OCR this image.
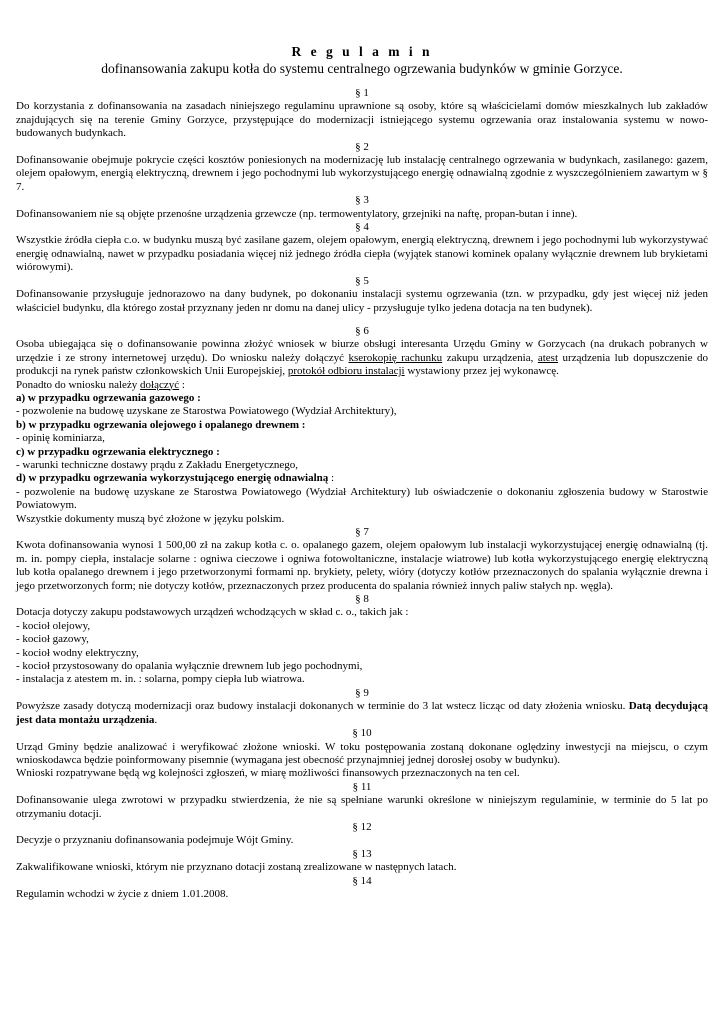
R e g u l a m i n
dofinansowania zakupu kotła do systemu centralnego ogrzewania budynków w gminie Gorzyce.
§ 1

Do korzystania z dofinansowania na zasadach niniejszego regulaminu uprawnione są osoby, które są właścicielami domów mieszkalnych lub zakładów znajdujących się na terenie Gminy Gorzyce, przystępujące do modernizacji istniejącego systemu ogrzewania oraz instalowania systemu w nowo-budowanych budynkach.

§ 2

Dofinansowanie obejmuje pokrycie części kosztów poniesionych na modernizację lub instalację centralnego ogrzewania w budynkach, zasilanego: gazem, olejem opałowym, energią elektryczną, drewnem i jego pochodnymi lub wykorzystującego energię odnawialną zgodnie z wyszczególnieniem zawartym w § 7.

§ 3

Dofinansowaniem nie są objęte przenośne urządzenia grzewcze (np. termowentylatory, grzejniki na naftę, propan-butan i inne).

§ 4

Wszystkie źródła ciepła c.o. w budynku muszą być zasilane gazem, olejem opałowym, energią elektryczną, drewnem i jego pochodnymi lub wykorzystywać energię odnawialną, nawet w przypadku posiadania więcej niż jednego źródła ciepła (wyjątek stanowi kominek opalany wyłącznie drewnem lub brykietami wiórowymi).

§ 5

Dofinansowanie przysługuje jednorazowo na dany budynek, po dokonaniu instalacji systemu ogrzewania (tzn. w przypadku, gdy jest więcej niż jeden właściciel budynku, dla którego został przyznany jeden nr domu na danej ulicy - przysługuje tylko jedena dotacja na ten budynek).

§ 6

Osoba ubiegająca się o dofinansowanie powinna złożyć wniosek w biurze obsługi interesanta Urzędu Gminy w Gorzycach (na drukach pobranych w urzędzie i ze strony internetowej urzędu). Do wniosku należy dołączyć kserokopię rachunku zakupu urządzenia, atest urządzenia lub dopuszczenie do produkcji na rynek państw członkowskich Unii Europejskiej, protokół odbioru instalacji wystawiony przez jej wykonawcę.

Ponadto do wniosku należy dołączyć :

a) w przypadku ogrzewania gazowego :

- pozwolenie na budowę uzyskane ze Starostwa Powiatowego (Wydział Architektury),

b) w przypadku ogrzewania olejowego i opalanego drewnem :

- opinię kominiarza,

c) w przypadku ogrzewania elektrycznego :

- warunki techniczne dostawy prądu z Zakładu Energetycznego,

d) w przypadku ogrzewania wykorzystującego energię odnawialną :

- pozwolenie na budowę uzyskane ze Starostwa Powiatowego (Wydział Architektury) lub oświadczenie o dokonaniu zgłoszenia budowy w Starostwie Powiatowym.

Wszystkie dokumenty muszą być złożone w języku polskim.

§ 7

Kwota dofinansowania wynosi 1 500,00 zł na zakup kotła c. o. opalanego gazem, olejem opałowym lub instalacji wykorzystującej energię odnawialną (tj. m. in. pompy ciepła, instalacje solarne : ogniwa cieczowe i ogniwa fotowoltaniczne, instalacje wiatrowe) lub kotła wykorzystującego energię elektryczną lub kotła opalanego drewnem i jego przetworzonymi formami np. brykiety, pelety, wióry (dotyczy kotłów przeznaczonych do spalania wyłącznie drewna i jego przetworzonych form; nie dotyczy kotłów, przeznaczonych przez producenta do spalania również innych paliw stałych np. węgla).

§ 8

Dotacja dotyczy zakupu podstawowych urządzeń wchodzących w skład c. o., takich jak :

- kocioł olejowy,

- kocioł gazowy,

- kocioł wodny elektryczny,

- kocioł przystosowany do opalania wyłącznie drewnem lub jego pochodnymi,

- instalacja z atestem m. in. : solarna, pompy ciepła lub wiatrowa.

§ 9

Powyższe zasady dotyczą modernizacji oraz budowy instalacji dokonanych w terminie do 3 lat wstecz licząc od daty złożenia wniosku. Datą decydującą jest data montażu urządzenia.

§ 10

Urząd Gminy będzie analizować i weryfikować złożone wnioski. W toku postępowania zostaną dokonane oględziny inwestycji na miejscu, o czym wnioskodawca będzie poinformowany pisemnie (wymagana jest obecność przynajmniej jednej dorosłej osoby w budynku).

Wnioski rozpatrywane będą wg kolejności zgłoszeń, w miarę możliwości finansowych przeznaczonych na ten cel.

§ 11

Dofinansowanie ulega zwrotowi w przypadku stwierdzenia, że nie są spełniane warunki określone w niniejszym regulaminie, w terminie do 5 lat po otrzymaniu dotacji.

§ 12

Decyzje o przyznaniu dofinansowania podejmuje Wójt Gminy.

§ 13

Zakwalifikowane wnioski, którym nie przyznano dotacji zostaną zrealizowane w następnych latach.

§ 14

Regulamin wchodzi w życie z dniem 1.01.2008.
